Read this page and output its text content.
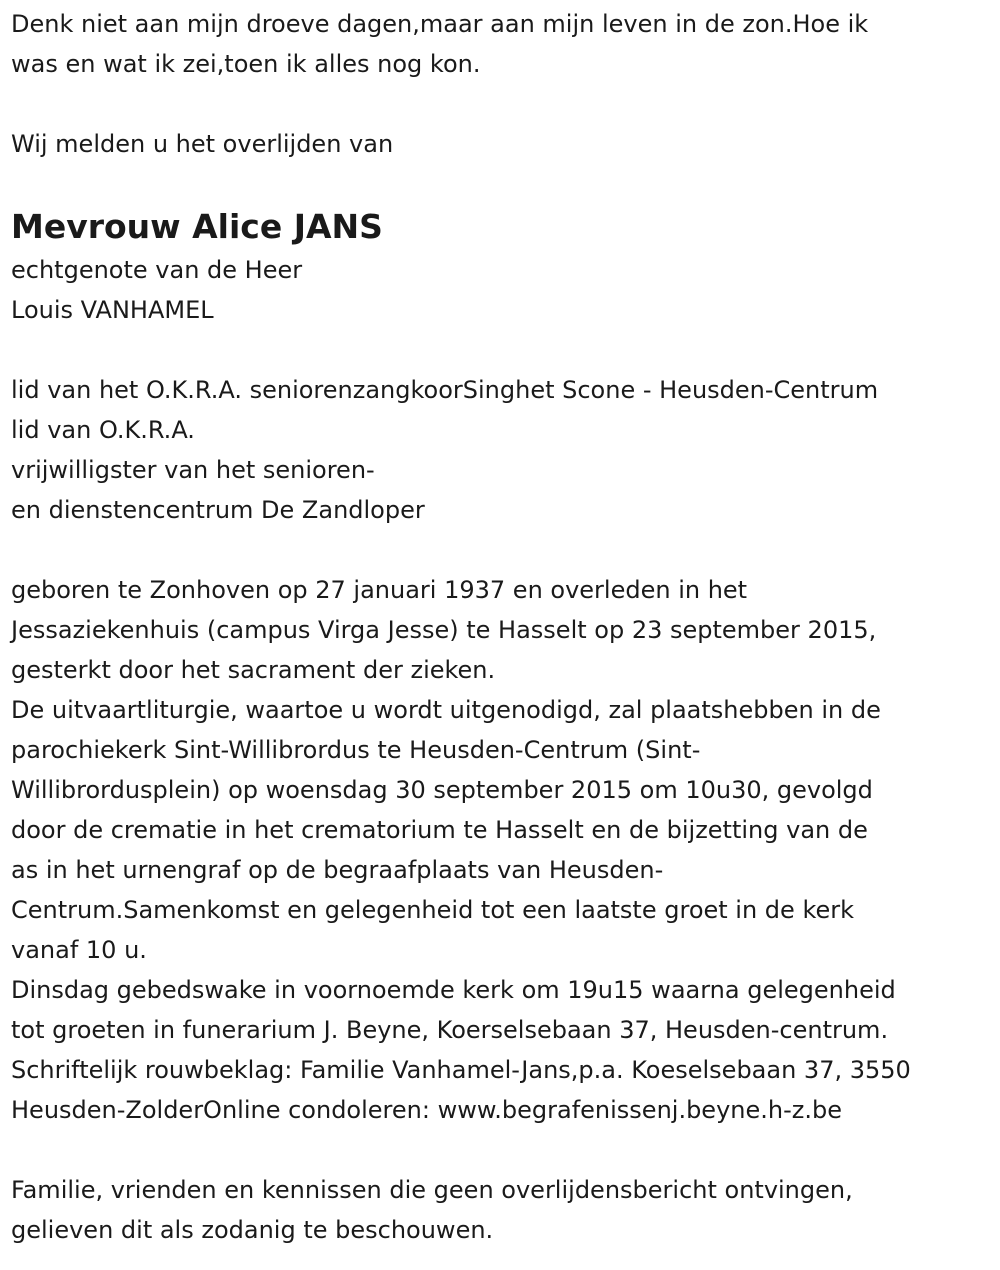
Denk niet aan mijn droeve dagen,maar aan mijn leven in de zon.Hoe ik
was en wat ik zei,toen ik alles nog kon.
Wij melden u het overlijden van
Mevrouw Alice JANS
echtgenote van de Heer
Louis VANHAMEL
lid van het O.K.R.A. seniorenzangkoorSinghet Scone - Heusden-Centrum
lid van O.K.R.A.
vrijwilligster van het senioren-
en dienstencentrum De Zandloper
geboren te Zonhoven op 27 januari 1937 en overleden in het
Jessaziekenhuis (campus Virga Jesse) te Hasselt op 23 september 2015,
gesterkt door het sacrament der zieken.
De uitvaartliturgie, waartoe u wordt uitgenodigd, zal plaatshebben in de
parochiekerk Sint-Willibrordus te Heusden-Centrum (Sint-
Willibrordusplein) op woensdag 30 september 2015 om 10u30, gevolgd
door de crematie in het crematorium te Hasselt en de bijzetting van de
as in het urnengraf op de begraafplaats van Heusden-
Centrum.Samenkomst en gelegenheid tot een laatste groet in de kerk
vanaf 10 u.
Dinsdag gebedswake in voornoemde kerk om 19u15 waarna gelegenheid
tot groeten in funerarium J. Beyne, Koerselsebaan 37, Heusden-centrum.
Schriftelijk rouwbeklag: Familie Vanhamel-Jans,p.a. Koeselsebaan 37, 3550
Heusden-ZolderOnline condoleren: www.begrafenissenj.beyne.h-z.be
Familie, vrienden en kennissen die geen overlijdensbericht ontvingen,
gelieven dit als zodanig te beschouwen.
